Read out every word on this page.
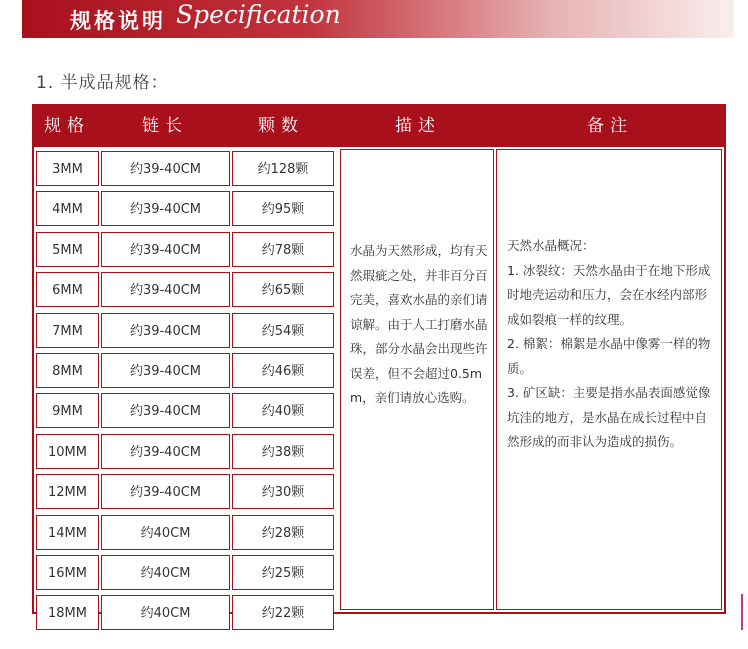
规格说明 Specification
1. 半成品规格：
规格	链长	颗数	描述	备注
3MM	约39-40CM	约128颗
4MM	约39-40CM	约95颗
5MM	约39-40CM	约78颗
6MM	约39-40CM	约65颗
7MM	约39-40CM	约54颗
8MM	约39-40CM	约46颗
9MM	约39-40CM	约40颗
10MM	约39-40CM	约38颗
12MM	约39-40CM	约30颗
14MM	约40CM	约28颗
16MM	约40CM	约25颗
18MM	约40CM	约22颗
水晶为天然形成，均有天然瑕疵之处，并非百分百完美，喜欢水晶的亲们请谅解。由于人工打磨水晶珠，部分水晶会出现些许误差，但不会超过0.5mm，亲们请放心选购。
天然水晶概况：
1. 冰裂纹：天然水晶由于在地下形成时地壳运动和压力，会在水经内部形成如裂痕一样的纹理。
2. 棉絮：棉絮是水晶中像雾一样的物质。
3. 矿区缺：主要是指水晶表面感觉像坑洼的地方，是水晶在成长过程中自然形成的而非认为造成的损伤。
